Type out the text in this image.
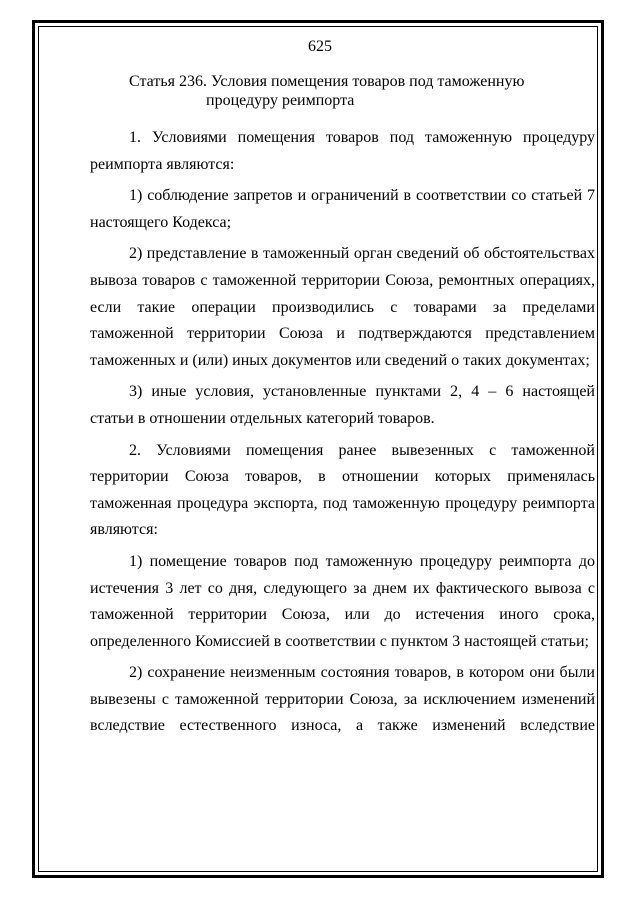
625
Статья 236. Условия помещения товаров под таможенную
процедуру реимпорта

1. Условиями помещения товаров под таможенную процедуру реимпорта являются:

1) соблюдение запретов и ограничений в соответствии со статьей 7 настоящего Кодекса;

2) представление в таможенный орган сведений об обстоятельствах вывоза товаров с таможенной территории Союза, ремонтных операциях, если такие операции производились с товарами за пределами таможенной территории Союза и подтверждаются представлением таможенных и (или) иных документов или сведений о таких документах;

3) иные условия, установленные пунктами 2, 4 – 6 настоящей статьи в отношении отдельных категорий товаров.

2. Условиями помещения ранее вывезенных с таможенной территории Союза товаров, в отношении которых применялась таможенная процедура экспорта, под таможенную процедуру реимпорта являются:

1) помещение товаров под таможенную процедуру реимпорта до истечения 3 лет со дня, следующего за днем их фактического вывоза с таможенной территории Союза, или до истечения иного срока, определенного Комиссией в соответствии с пунктом 3 настоящей статьи;

2) сохранение неизменным состояния товаров, в котором они были вывезены с таможенной территории Союза, за исключением изменений вследствие естественного износа, а также изменений вследствие
